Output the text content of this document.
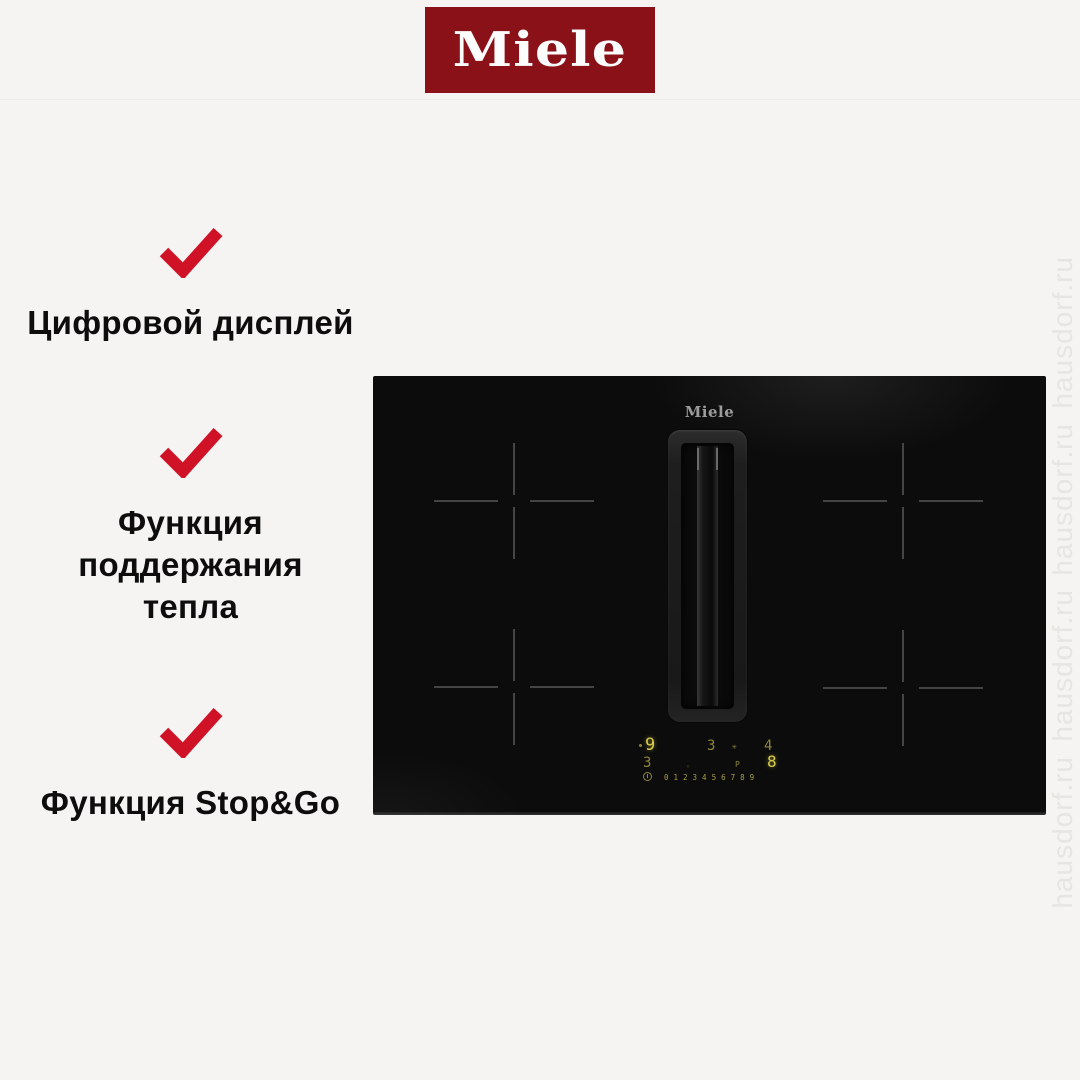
Miele
Цифровой дисплей
Функция
поддержания
тепла
Функция Stop&Go
Miele
9	3 ✳ 4
3	◦	P 8
0123456789
hausdorf.ru
hausdorf.ru
hausdorf.ru
hausdorf.ru
